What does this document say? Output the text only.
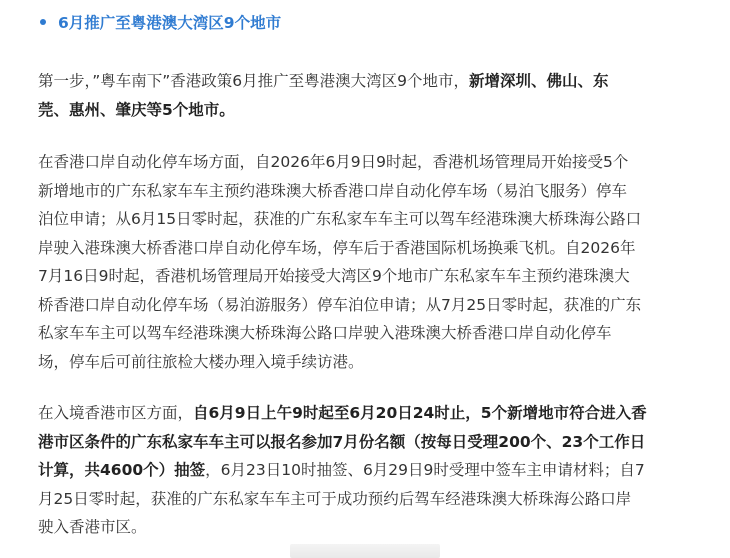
6月推广至粤港澳大湾区9个地市

第一步，”粤车南下”香港政策6月推广至粤港澳大湾区9个地市，新增深圳、佛山、东
莞、惠州、肇庆等5个地市。

在香港口岸自动化停车场方面，自2026年6月9日9时起，香港机场管理局开始接受5个
新增地市的广东私家车车主预约港珠澳大桥香港口岸自动化停车场（易泊飞服务）停车
泊位申请；从6月15日零时起，获准的广东私家车车主可以驾车经港珠澳大桥珠海公路口
岸驶入港珠澳大桥香港口岸自动化停车场，停车后于香港国际机场换乘飞机。自2026年
7月16日9时起，香港机场管理局开始接受大湾区9个地市广东私家车车主预约港珠澳大
桥香港口岸自动化停车场（易泊游服务）停车泊位申请；从7月25日零时起，获准的广东
私家车车主可以驾车经港珠澳大桥珠海公路口岸驶入港珠澳大桥香港口岸自动化停车
场，停车后可前往旅检大楼办理入境手续访港。

在入境香港市区方面，自6月9日上午9时起至6月20日24时止，5个新增地市符合进入香
港市区条件的广东私家车车主可以报名参加7月份名额（按每日受理200个、23个工作日
计算，共4600个）抽签，6月23日10时抽签、6月29日9时受理中签车主申请材料；自7
月25日零时起，获准的广东私家车车主可于成功预约后驾车经港珠澳大桥珠海公路口岸
驶入香港市区。
